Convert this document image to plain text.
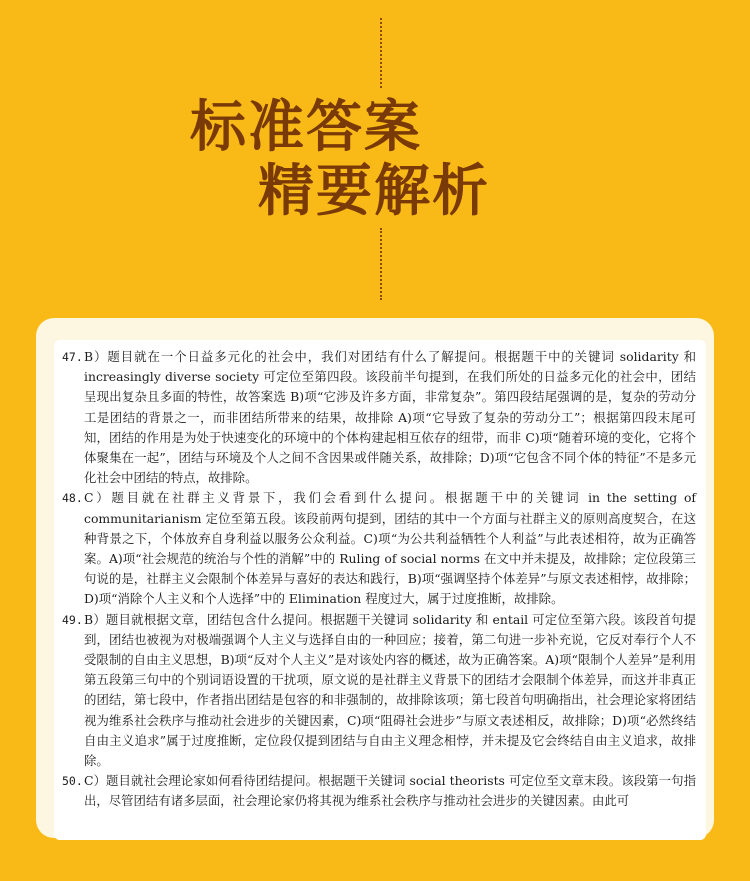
标准答案
精要解析
47. B）题目就在一个日益多元化的社会中，我们对团结有什么了解提问。根据题干中的关键词 solidarity 和 increasingly diverse society 可定位至第四段。该段前半句提到，在我们所处的日益多元化的社会中，团结呈现出复杂且多面的特性，故答案选 B)项“它涉及许多方面，非常复杂”。第四段结尾强调的是，复杂的劳动分工是团结的背景之一，而非团结所带来的结果，故排除 A)项“它导致了复杂的劳动分工”；根据第四段末尾可知，团结的作用是为处于快速变化的环境中的个体构建起相互依存的纽带，而非 C)项“随着环境的变化，它将个体聚集在一起”，团结与环境及个人之间不含因果或伴随关系，故排除；D)项“它包含不同个体的特征”不是多元化社会中团结的特点，故排除。
48. C）题目就在社群主义背景下，我们会看到什么提问。根据题干中的关键词 in the setting of communitarianism 定位至第五段。该段前两句提到，团结的其中一个方面与社群主义的原则高度契合，在这种背景之下，个体放弃自身利益以服务公众利益。C)项“为公共利益牺牲个人利益”与此表述相符，故为正确答案。A)项“社会规范的统治与个性的消解”中的 Ruling of social norms 在文中并未提及，故排除；定位段第三句说的是，社群主义会限制个体差异与喜好的表达和践行，B)项“强调坚持个体差异”与原文表述相悖，故排除；D)项“消除个人主义和个人选择”中的 Elimination 程度过大，属于过度推断，故排除。
49. B）题目就根据文章，团结包含什么提问。根据题干关键词 solidarity 和 entail 可定位至第六段。该段首句提到，团结也被视为对极端强调个人主义与选择自由的一种回应；接着，第二句进一步补充说，它反对奉行个人不受限制的自由主义思想，B)项“反对个人主义”是对该处内容的概述，故为正确答案。A)项“限制个人差异”是利用第五段第三句中的个别词语设置的干扰项，原文说的是社群主义背景下的团结才会限制个体差异，而这并非真正的团结，第七段中，作者指出团结是包容的和非强制的，故排除该项；第七段首句明确指出，社会理论家将团结视为维系社会秩序与推动社会进步的关键因素，C)项“阻碍社会进步”与原文表述相反，故排除；D)项“必然终结自由主义追求”属于过度推断，定位段仅提到团结与自由主义理念相悖，并未提及它会终结自由主义追求，故排除。
50. C）题目就社会理论家如何看待团结提问。根据题干关键词 social theorists 可定位至文章末段。该段第一句指出，尽管团结有诸多层面，社会理论家仍将其视为维系社会秩序与推动社会进步的关键因素。由此可
